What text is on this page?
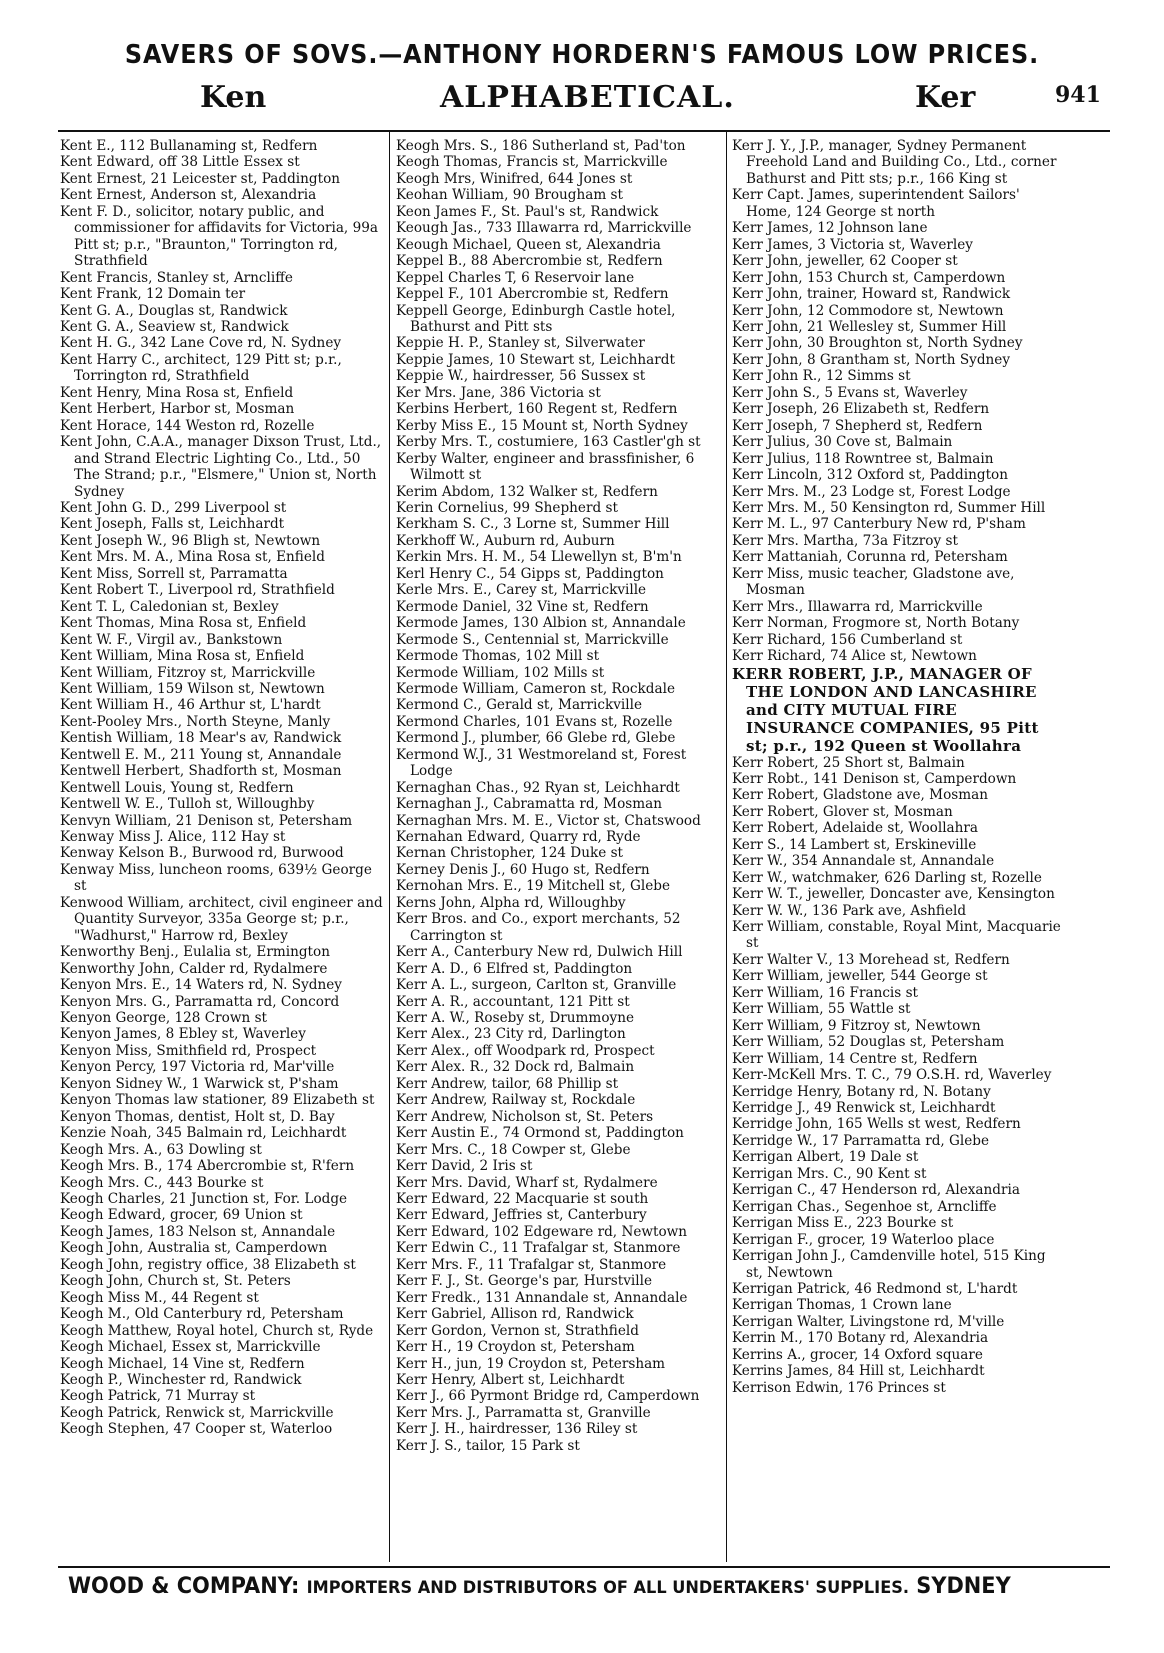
SAVERS OF SOVS.—ANTHONY HORDERN'S FAMOUS LOW PRICES.
Ken	ALPHABETICAL.	Ker	941
Kent E., 112 Bullanaming st, Redfern
Kent Edward, off 38 Little Essex st
Kent Ernest, 21 Leicester st, Paddington
Kent Ernest, Anderson st, Alexandria
Kent F. D., solicitor, notary public, and commissioner for affidavits for Victoria, 99a Pitt st; p.r., "Braunton," Torrington rd, Strathfield
Kent Francis, Stanley st, Arncliffe
Kent Frank, 12 Domain ter
Kent G. A., Douglas st, Randwick
Kent G. A., Seaview st, Randwick
Kent H. G., 342 Lane Cove rd, N. Sydney
Kent Harry C., architect, 129 Pitt st; p.r., Torrington rd, Strathfield
Kent Henry, Mina Rosa st, Enfield
Kent Herbert, Harbor st, Mosman
Kent Horace, 144 Weston rd, Rozelle
Kent John, C.A.A., manager Dixson Trust, Ltd., and Strand Electric Lighting Co., Ltd., 50 The Strand; p.r., "Elsmere," Union st, North Sydney
Kent John G. D., 299 Liverpool st
Kent Joseph, Falls st, Leichhardt
Kent Joseph W., 96 Bligh st, Newtown
Kent Mrs. M. A., Mina Rosa st, Enfield
Kent Miss, Sorrell st, Parramatta
Kent Robert T., Liverpool rd, Strathfield
Kent T. L, Caledonian st, Bexley
Kent Thomas, Mina Rosa st, Enfield
Kent W. F., Virgil av., Bankstown
Kent William, Mina Rosa st, Enfield
Kent William, Fitzroy st, Marrickville
Kent William, 159 Wilson st, Newtown
Kent William H., 46 Arthur st, L'hardt
Kent-Pooley Mrs., North Steyne, Manly
Kentish William, 18 Mear's av, Randwick
Kentwell E. M., 211 Young st, Annandale
Kentwell Herbert, Shadforth st, Mosman
Kentwell Louis, Young st, Redfern
Kentwell W. E., Tulloh st, Willoughby
Kenvyn William, 21 Denison st, Petersham
Kenway Miss J. Alice, 112 Hay st
Kenway Kelson B., Burwood rd, Burwood
Kenway Miss, luncheon rooms, 639½ George st
Kenwood William, architect, civil engineer and Quantity Surveyor, 335a George st; p.r., "Wadhurst," Harrow rd, Bexley
Kenworthy Benj., Eulalia st, Ermington
Kenworthy John, Calder rd, Rydalmere
Kenyon Mrs. E., 14 Waters rd, N. Sydney
Kenyon Mrs. G., Parramatta rd, Concord
Kenyon George, 128 Crown st
Kenyon James, 8 Ebley st, Waverley
Kenyon Miss, Smithfield rd, Prospect
Kenyon Percy, 197 Victoria rd, Mar'ville
Kenyon Sidney W., 1 Warwick st, P'sham
Kenyon Thomas law stationer, 89 Elizabeth st
Kenyon Thomas, dentist, Holt st, D. Bay
Kenzie Noah, 345 Balmain rd, Leichhardt
Keogh Mrs. A., 63 Dowling st
Keogh Mrs. B., 174 Abercrombie st, R'fern
Keogh Mrs. C., 443 Bourke st
Keogh Charles, 21 Junction st, For. Lodge
Keogh Edward, grocer, 69 Union st
Keogh James, 183 Nelson st, Annandale
Keogh John, Australia st, Camperdown
Keogh John, registry office, 38 Elizabeth st
Keogh John, Church st, St. Peters
Keogh Miss M., 44 Regent st
Keogh M., Old Canterbury rd, Petersham
Keogh Matthew, Royal hotel, Church st, Ryde
Keogh Michael, Essex st, Marrickville
Keogh Michael, 14 Vine st, Redfern
Keogh P., Winchester rd, Randwick
Keogh Patrick, 71 Murray st
Keogh Patrick, Renwick st, Marrickville
Keogh Stephen, 47 Cooper st, Waterloo
Keogh Mrs. S., 186 Sutherland st, Pad'ton
Keogh Thomas, Francis st, Marrickville
Keogh Mrs, Winifred, 644 Jones st
Keohan William, 90 Brougham st
Keon James F., St. Paul's st, Randwick
Keough Jas., 733 Illawarra rd, Marrickville
Keough Michael, Queen st, Alexandria
Keppel B., 88 Abercrombie st, Redfern
Keppel Charles T, 6 Reservoir lane
Keppel F., 101 Abercrombie st, Redfern
Keppell George, Edinburgh Castle hotel, Bathurst and Pitt sts
Keppie H. P., Stanley st, Silverwater
Keppie James, 10 Stewart st, Leichhardt
Keppie W., hairdresser, 56 Sussex st
Ker Mrs. Jane, 386 Victoria st
Kerbins Herbert, 160 Regent st, Redfern
Kerby Miss E., 15 Mount st, North Sydney
Kerby Mrs. T., costumiere, 163 Castler'gh st
Kerby Walter, engineer and brassfinisher, 6 Wilmott st
Kerim Abdom, 132 Walker st, Redfern
Kerin Cornelius, 99 Shepherd st
Kerkham S. C., 3 Lorne st, Summer Hill
Kerkhoff W., Auburn rd, Auburn
Kerkin Mrs. H. M., 54 Llewellyn st, B'm'n
Kerl Henry C., 54 Gipps st, Paddington
Kerle Mrs. E., Carey st, Marrickville
Kermode Daniel, 32 Vine st, Redfern
Kermode James, 130 Albion st, Annandale
Kermode S., Centennial st, Marrickville
Kermode Thomas, 102 Mill st
Kermode William, 102 Mills st
Kermode William, Cameron st, Rockdale
Kermond C., Gerald st, Marrickville
Kermond Charles, 101 Evans st, Rozelle
Kermond J., plumber, 66 Glebe rd, Glebe
Kermond W.J., 31 Westmoreland st, Forest Lodge
Kernaghan Chas., 92 Ryan st, Leichhardt
Kernaghan J., Cabramatta rd, Mosman
Kernaghan Mrs. M. E., Victor st, Chatswood
Kernahan Edward, Quarry rd, Ryde
Kernan Christopher, 124 Duke st
Kerney Denis J., 60 Hugo st, Redfern
Kernohan Mrs. E., 19 Mitchell st, Glebe
Kerns John, Alpha rd, Willoughby
Kerr Bros. and Co., export merchants, 52 Carrington st
Kerr A., Canterbury New rd, Dulwich Hill
Kerr A. D., 6 Elfred st, Paddington
Kerr A. L., surgeon, Carlton st, Granville
Kerr A. R., accountant, 121 Pitt st
Kerr A. W., Roseby st, Drummoyne
Kerr Alex., 23 City rd, Darlington
Kerr Alex., off Woodpark rd, Prospect
Kerr Alex. R., 32 Dock rd, Balmain
Kerr Andrew, tailor, 68 Phillip st
Kerr Andrew, Railway st, Rockdale
Kerr Andrew, Nicholson st, St. Peters
Kerr Austin E., 74 Ormond st, Paddington
Kerr Mrs. C., 18 Cowper st, Glebe
Kerr David, 2 Iris st
Kerr Mrs. David, Wharf st, Rydalmere
Kerr Edward, 22 Macquarie st south
Kerr Edward, Jeffries st, Canterbury
Kerr Edward, 102 Edgeware rd, Newtown
Kerr Edwin C., 11 Trafalgar st, Stanmore
Kerr Mrs. F., 11 Trafalgar st, Stanmore
Kerr F. J., St. George's par, Hurstville
Kerr Fredk., 131 Annandale st, Annandale
Kerr Gabriel, Allison rd, Randwick
Kerr Gordon, Vernon st, Strathfield
Kerr H., 19 Croydon st, Petersham
Kerr H., jun, 19 Croydon st, Petersham
Kerr Henry, Albert st, Leichhardt
Kerr J., 66 Pyrmont Bridge rd, Camperdown
Kerr Mrs. J., Parramatta st, Granville
Kerr J. H., hairdresser, 136 Riley st
Kerr J. S., tailor, 15 Park st
Kerr J. Y., J.P., manager, Sydney Permanent Freehold Land and Building Co., Ltd., corner Bathurst and Pitt sts; p.r., 166 King st
Kerr Capt. James, superintendent Sailors' Home, 124 George st north
Kerr James, 12 Johnson lane
Kerr James, 3 Victoria st, Waverley
Kerr John, jeweller, 62 Cooper st
Kerr John, 153 Church st, Camperdown
Kerr John, trainer, Howard st, Randwick
Kerr John, 12 Commodore st, Newtown
Kerr John, 21 Wellesley st, Summer Hill
Kerr John, 30 Broughton st, North Sydney
Kerr John, 8 Grantham st, North Sydney
Kerr John R., 12 Simms st
Kerr John S., 5 Evans st, Waverley
Kerr Joseph, 26 Elizabeth st, Redfern
Kerr Joseph, 7 Shepherd st, Redfern
Kerr Julius, 30 Cove st, Balmain
Kerr Julius, 118 Rowntree st, Balmain
Kerr Lincoln, 312 Oxford st, Paddington
Kerr Mrs. M., 23 Lodge st, Forest Lodge
Kerr Mrs. M., 50 Kensington rd, Summer Hill
Kerr M. L., 97 Canterbury New rd, P'sham
Kerr Mrs. Martha, 73a Fitzroy st
Kerr Mattaniah, Corunna rd, Petersham
Kerr Miss, music teacher, Gladstone ave, Mosman
Kerr Mrs., Illawarra rd, Marrickville
Kerr Norman, Frogmore st, North Botany
Kerr Richard, 156 Cumberland st
Kerr Richard, 74 Alice st, Newtown
KERR ROBERT, J.P., MANAGER OF THE LONDON AND LANCASHIRE and CITY MUTUAL FIRE INSURANCE COMPANIES, 95 Pitt st; p.r., 192 Queen st Woollahra
Kerr Robert, 25 Short st, Balmain
Kerr Robt., 141 Denison st, Camperdown
Kerr Robert, Gladstone ave, Mosman
Kerr Robert, Glover st, Mosman
Kerr Robert, Adelaide st, Woollahra
Kerr S., 14 Lambert st, Erskineville
Kerr W., 354 Annandale st, Annandale
Kerr W., watchmaker, 626 Darling st, Rozelle
Kerr W. T., jeweller, Doncaster ave, Kensington
Kerr W. W., 136 Park ave, Ashfield
Kerr William, constable, Royal Mint, Macquarie st
Kerr Walter V., 13 Morehead st, Redfern
Kerr William, jeweller, 544 George st
Kerr William, 16 Francis st
Kerr William, 55 Wattle st
Kerr William, 9 Fitzroy st, Newtown
Kerr William, 52 Douglas st, Petersham
Kerr William, 14 Centre st, Redfern
Kerr-McKell Mrs. T. C., 79 O.S.H. rd, Waverley
Kerridge Henry, Botany rd, N. Botany
Kerridge J., 49 Renwick st, Leichhardt
Kerridge John, 165 Wells st west, Redfern
Kerridge W., 17 Parramatta rd, Glebe
Kerrigan Albert, 19 Dale st
Kerrigan Mrs. C., 90 Kent st
Kerrigan C., 47 Henderson rd, Alexandria
Kerrigan Chas., Segenhoe st, Arncliffe
Kerrigan Miss E., 223 Bourke st
Kerrigan F., grocer, 19 Waterloo place
Kerrigan John J., Camdenville hotel, 515 King st, Newtown
Kerrigan Patrick, 46 Redmond st, L'hardt
Kerrigan Thomas, 1 Crown lane
Kerrigan Walter, Livingstone rd, M'ville
Kerrin M., 170 Botany rd, Alexandria
Kerrins A., grocer, 14 Oxford square
Kerrins James, 84 Hill st, Leichhardt
Kerrison Edwin, 176 Princes st
WOOD & COMPANY: IMPORTERS AND DISTRIBUTORS OF ALL UNDERTAKERS' SUPPLIES. SYDNEY
